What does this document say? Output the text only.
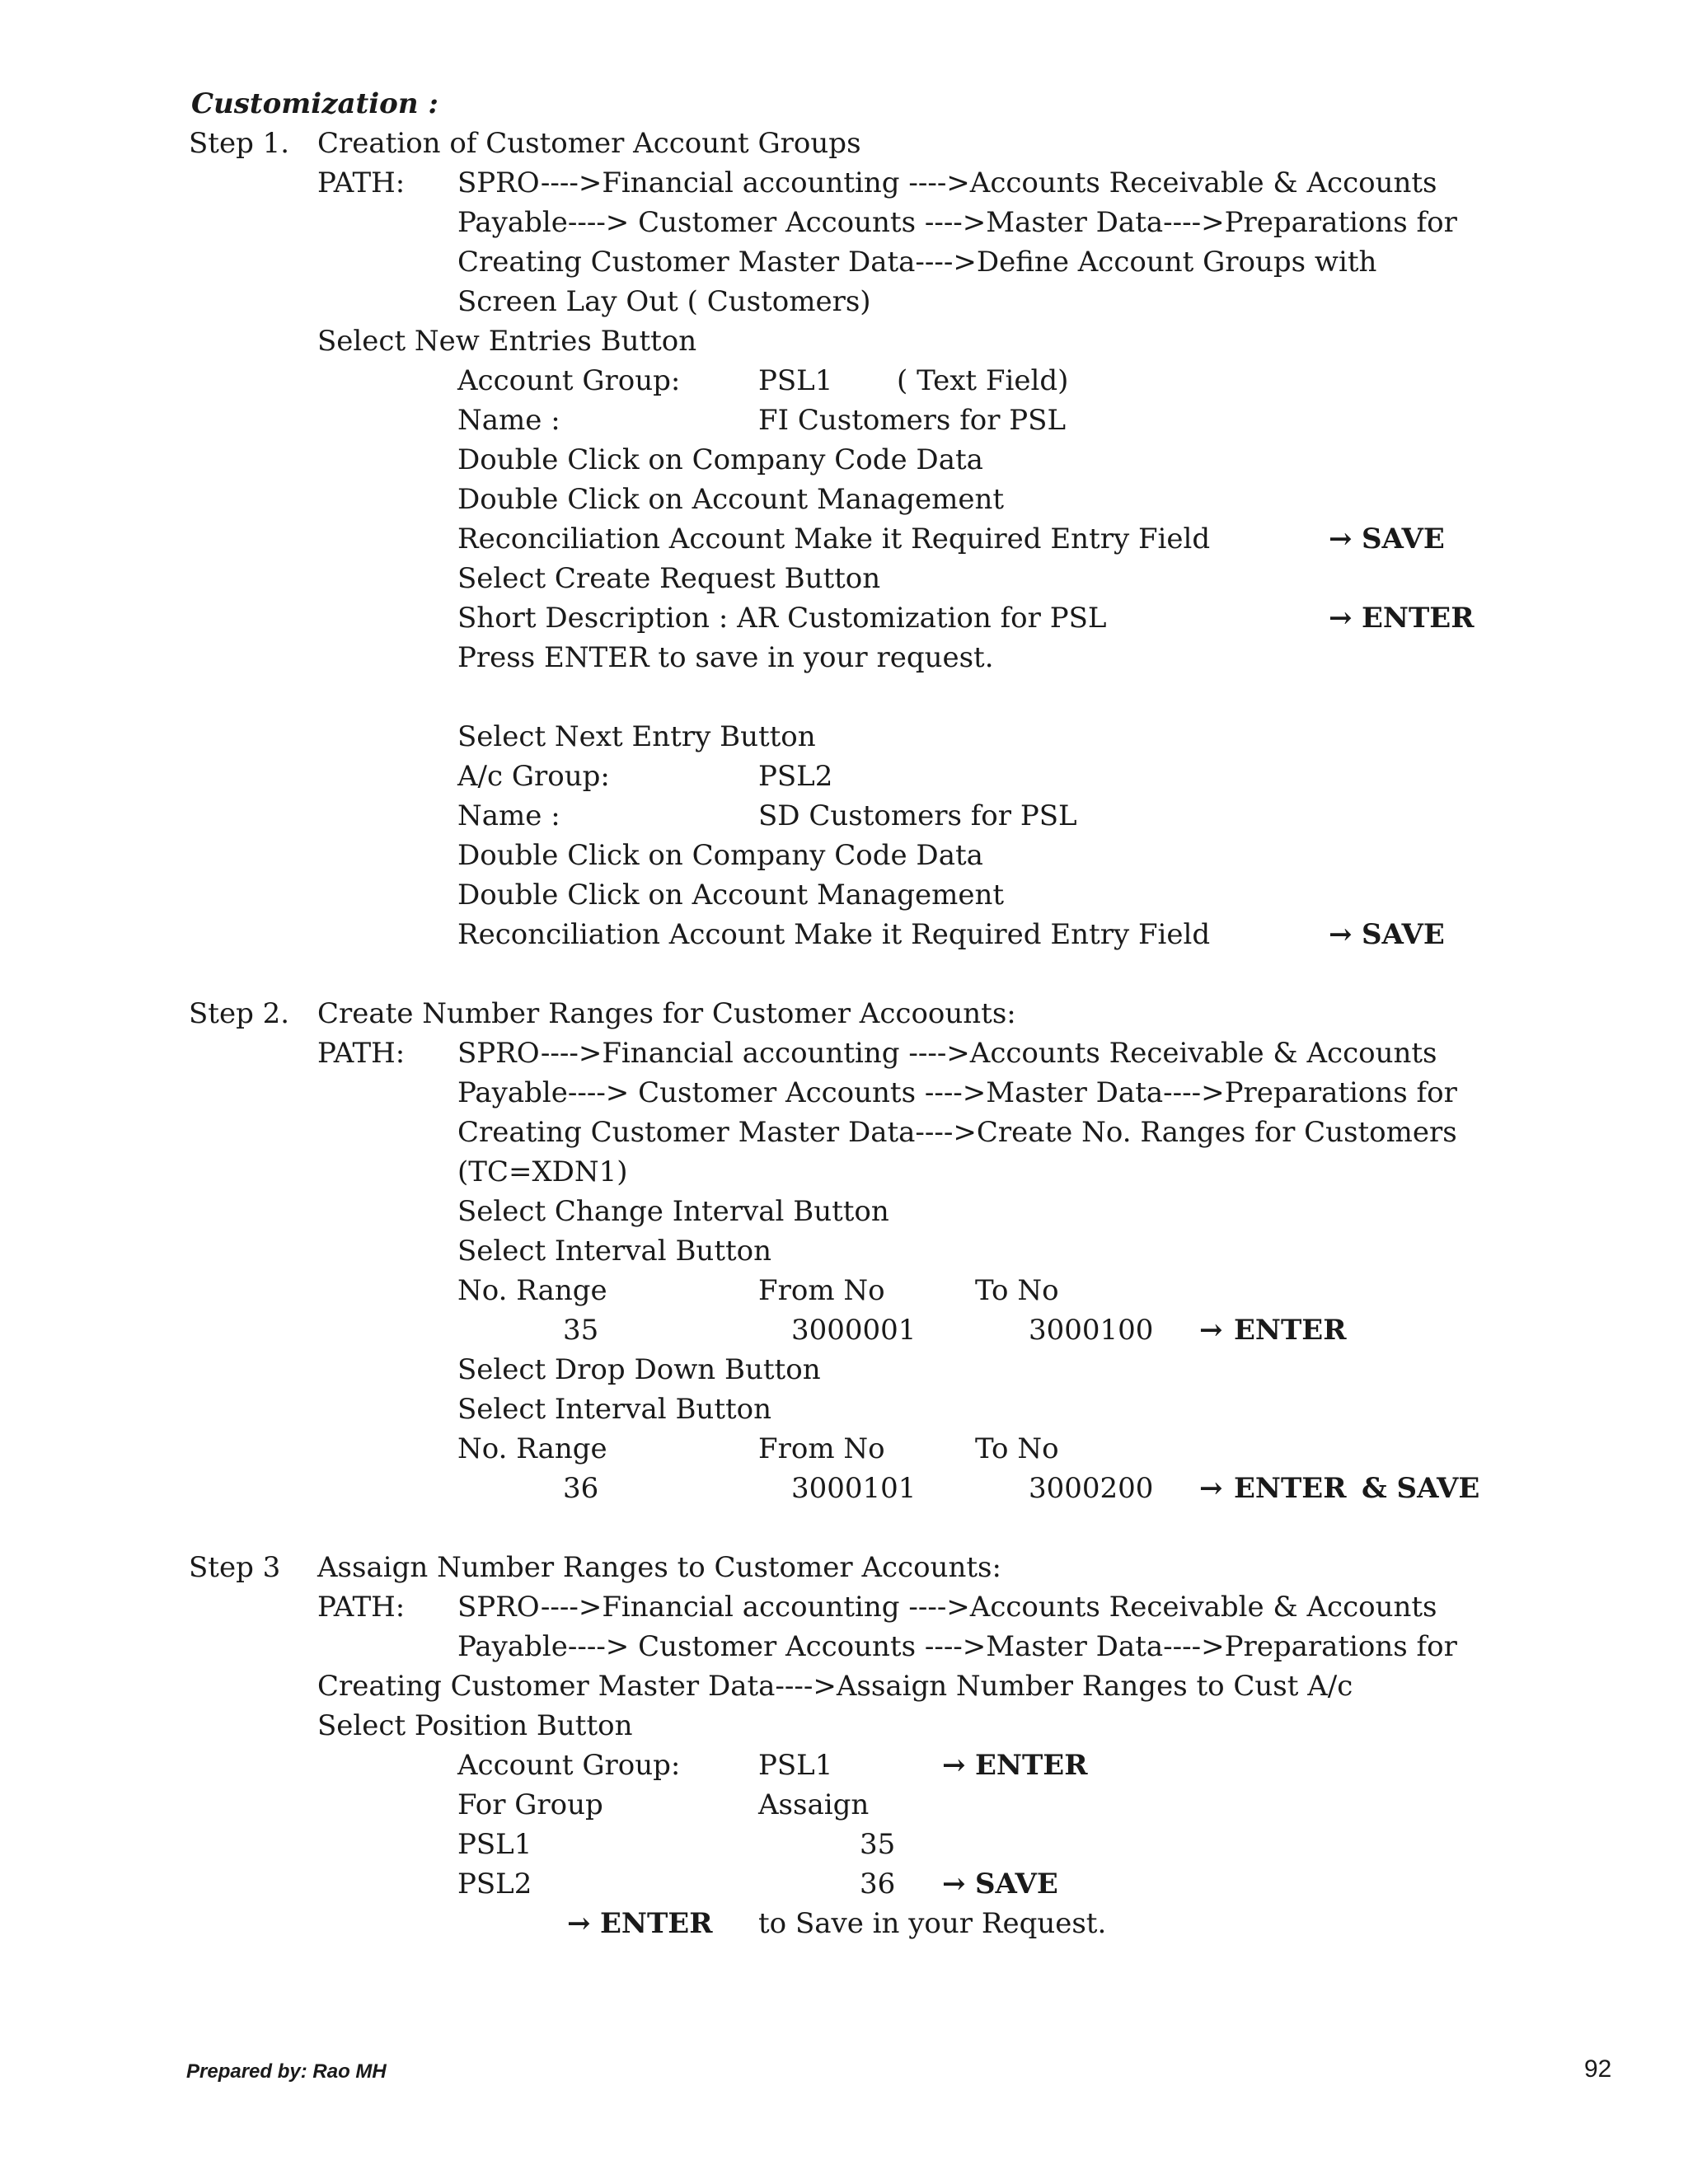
Customization :
Step 1. Creation of Customer Account Groups
PATH: SPRO---->Financial accounting ---->Accounts Receivable & Accounts
Payable----> Customer Accounts ---->Master Data---->Preparations for
Creating Customer Master Data---->Define Account Groups with
Screen Lay Out ( Customers)
Select New Entries Button
Account Group:	PSL1 ( Text Field)
Name :	FI Customers for PSL
Double Click on Company Code Data
Double Click on Account Management
Reconciliation Account Make it Required Entry Field	→ SAVE
Select Create Request Button
Short Description : AR Customization for PSL	→ ENTER
Press ENTER to save in your request.
Select Next Entry Button
A/c Group:	PSL2
Name :	SD Customers for PSL
Double Click on Company Code Data
Double Click on Account Management
Reconciliation Account Make it Required Entry Field	→ SAVE
Step 2. Create Number Ranges for Customer Accoounts:
PATH: SPRO---->Financial accounting ---->Accounts Receivable & Accounts
Payable----> Customer Accounts ---->Master Data---->Preparations for
Creating Customer Master Data---->Create No. Ranges for Customers
(TC=XDN1)
Select Change Interval Button
Select Interval Button
No. Range	From No	To No
35	3000001	3000100 → ENTER
Select Drop Down Button
Select Interval Button
No. Range	From No	To No
36	3000101	3000200 → ENTER & SAVE
Step 3 Assaign Number Ranges to Customer Accounts:
PATH: SPRO---->Financial accounting ---->Accounts Receivable & Accounts
Payable----> Customer Accounts ---->Master Data---->Preparations for
Creating Customer Master Data---->Assaign Number Ranges to Cust A/c
Select Position Button
Account Group:	PSL1	→ ENTER
For Group	Assaign
PSL1	35
PSL2	36 → SAVE
→ ENTER to Save in your Request.
Prepared by: Rao MH	92
